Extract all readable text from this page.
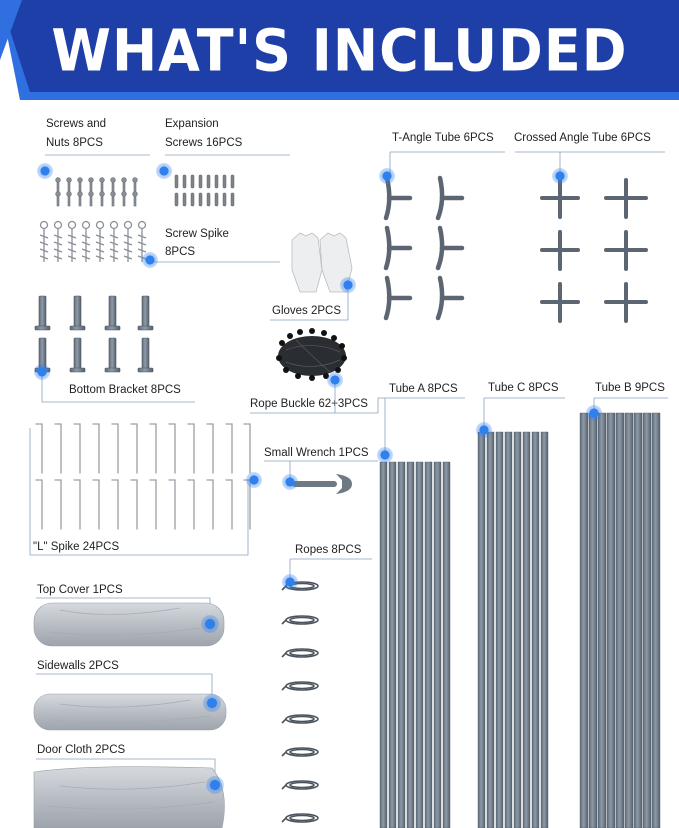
WHAT'S INCLUDED
Screws and
Nuts 8PCS
Expansion
Screws 16PCS
Screw Spike
8PCS
T-Angle Tube 6PCS Crossed Angle Tube 6PCS
Gloves 2PCS
Bottom Bracket 8PCS
Rope Buckle 62+3PCS
Tube A 8PCS	Tube C 8PCS	Tube B 9PCS
Small Wrench 1PCS
"L" Spike 24PCS	Ropes 8PCS
Top Cover 1PCS
Sidewalls 2PCS
Door Cloth 2PCS
